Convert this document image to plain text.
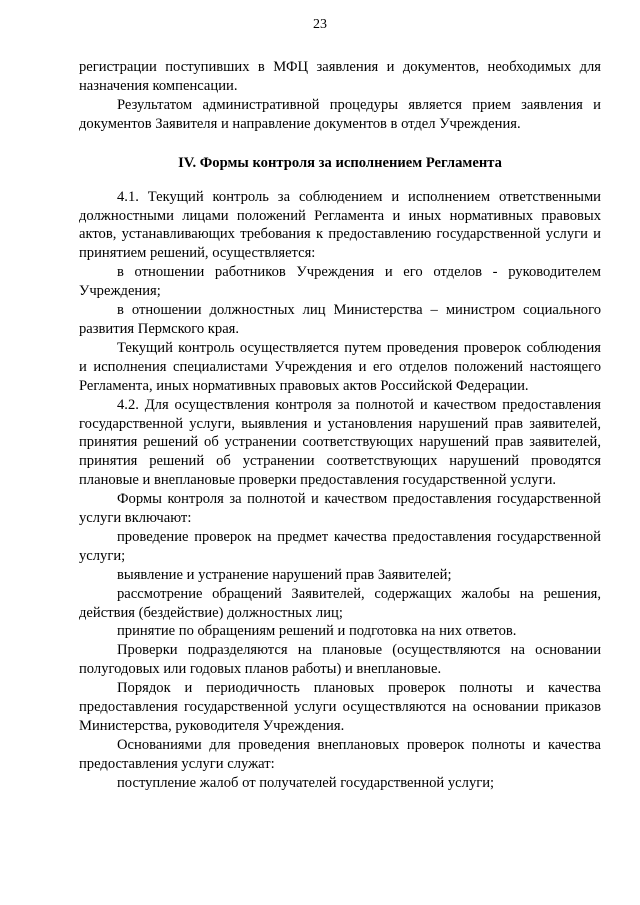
23

регистрации поступивших в МФЦ заявления и документов, необходимых для назначения компенсации.

Результатом административной процедуры является прием заявления и документов Заявителя и направление документов в отдел Учреждения.

IV. Формы контроля за исполнением Регламента

4.1. Текущий контроль за соблюдением и исполнением ответственными должностными лицами положений Регламента и иных нормативных правовых актов, устанавливающих требования к предоставлению государственной услуги и принятием решений, осуществляется:

в отношении работников Учреждения и его отделов - руководителем Учреждения;

в отношении должностных лиц Министерства – министром социального развития Пермского края.

Текущий контроль осуществляется путем проведения проверок соблюдения и исполнения специалистами Учреждения и его отделов положений настоящего Регламента, иных нормативных правовых актов Российской Федерации.

4.2. Для осуществления контроля за полнотой и качеством предоставления государственной услуги, выявления и установления нарушений прав заявителей, принятия решений об устранении соответствующих нарушений прав заявителей, принятия решений об устранении соответствующих нарушений проводятся плановые и внеплановые проверки предоставления государственной услуги.

Формы контроля за полнотой и качеством предоставления государственной услуги включают:

проведение проверок на предмет качества предоставления государственной услуги;

выявление и устранение нарушений прав Заявителей;

рассмотрение обращений Заявителей, содержащих жалобы на решения, действия (бездействие) должностных лиц;

принятие по обращениям решений и подготовка на них ответов.

Проверки подразделяются на плановые (осуществляются на основании полугодовых или годовых планов работы) и внеплановые.

Порядок и периодичность плановых проверок полноты и качества предоставления государственной услуги осуществляются на основании приказов Министерства, руководителя Учреждения.

Основаниями для проведения внеплановых проверок полноты и качества предоставления услуги служат:

поступление жалоб от получателей государственной услуги;
